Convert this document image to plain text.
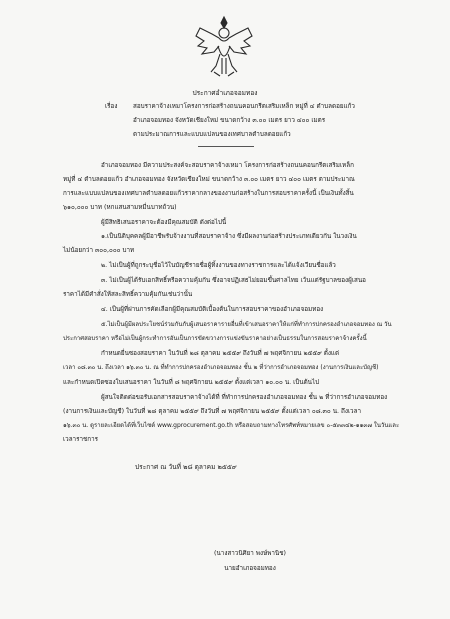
ประกาศอำเภอจอมทอง
เรื่อง สอบราคาจ้างเหมาโครงการก่อสร้างถนนคอนกรีตเสริมเหล็ก หมู่ที่ ๔ ตำบลดอยแก้ว
อำเภอจอมทอง จังหวัดเชียงใหม่ ขนาดกว้าง ๓.๐๐ เมตร ยาว ๔๐๐ เมตร
ตามประมาณการและแบบแปลนของเทศบาลตำบลดอยแก้ว
อำเภอจอมทอง มีความประสงค์จะสอบราคาจ้างเหมา โครงการก่อสร้างถนนคอนกรีตเสริมเหล็ก
หมู่ที่ ๔ ตำบลดอยแก้ว อำเภอจอมทอง จังหวัดเชียงใหม่ ขนาดกว้าง ๓.๐๐ เมตร ยาว ๔๐๐ เมตร ตามประมาณ
การและแบบแปลนของเทศบาลตำบลดอยแก้วราคากลางของงานก่อสร้างในการสอบราคาครั้งนี้ เป็นเงินทั้งสิ้น
๖๑๐,๐๐๐ บาท (หกแสนสามหมื่นบาทถ้วน)
ผู้มีสิทธิเสนอราคาจะต้องมีคุณสมบัติ ดังต่อไปนี้
๑.เป็นนิติบุคคลผู้มีอาชีพรับจ้างงานที่สอบราคาจ้าง ซึ่งมีผลงานก่อสร้างประเภทเดียวกัน ในวงเงิน
ไม่น้อยกว่า ๓๐๐,๐๐๐ บาท
๒. ไม่เป็นผู้ที่ถูกระบุชื่อไว้ในบัญชีรายชื่อผู้ทิ้งงานของทางราชการและได้แจ้งเวียนชื่อแล้ว
๓. ไม่เป็นผู้ได้รับเอกสิทธิ์หรือความคุ้มกัน ซึ่งอาจปฏิเสธไม่ยอมขึ้นศาลไทย เว้นแต่รัฐบาลของผู้เสนอ
ราคาได้มีคำสั่งให้สละสิทธิ์ความคุ้มกันเช่นว่านั้น
๔. เป็นผู้ที่ผ่านการคัดเลือกผู้มีคุณสมบัติเบื้องต้นในการสอบราคาของอำเภอจอมทอง
๕.ไม่เป็นผู้มีผลประโยชน์ร่วมกันกับผู้เสนอราคารายอื่นที่เข้าเสนอราคาให้แก่ที่ทำการปกครองอำเภอจอมทอง ณ วัน
ประกาศสอบราคา หรือไม่เป็นผู้กระทำการอันเป็นการขัดขวางการแข่งขันราคาอย่างเป็นธรรมในการสอบราคาจ้างครั้งนี้
กำหนดยื่นซองสอบราคา ในวันที่ ๒๘ ตุลาคม ๒๕๕๙ ถึงวันที่ ๗ พฤศจิกายน ๒๕๕๙ ตั้งแต่
เวลา ๐๘.๓๐ น. ถึงเวลา ๑๖.๓๐ น. ณ ที่ทำการปกครองอำเภอจอมทอง ชั้น ๒ ที่ว่าการอำเภอจอมทอง (งานการเงินและบัญชี)
และกำหนดเปิดซองใบเสนอราคา ในวันที่ ๘ พฤศจิกายน ๒๕๕๙ ตั้งแต่เวลา ๑๐.๐๐ น. เป็นต้นไป
ผู้สนใจติดต่อขอรับเอกสารสอบราคาจ้างได้ที่ ที่ทำการปกครองอำเภอจอมทอง ชั้น ๒ ที่ว่าการอำเภอจอมทอง
(งานการเงินและบัญชี) ในวันที่ ๒๘ ตุลาคม ๒๕๕๙ ถึงวันที่ ๗ พฤศจิกายน ๒๕๕๙ ตั้งแต่เวลา ๐๘.๓๐ น. ถึงเวลา
๑๖.๓๐ น. ดูรายละเอียดได้ที่เว็บไซต์ www.gprocurement.go.th หรือสอบถามทางโทรศัพท์หมายเลข ๐-๕๓๓๔๒-๑๑๓๗ ในวันและ
เวลาราชการ
ประกาศ ณ วันที่ ๒๘ ตุลาคม ๒๕๕๙
(นางสาวนิศิยา พงษ์พานิช)
นายอำเภอจอมทอง
